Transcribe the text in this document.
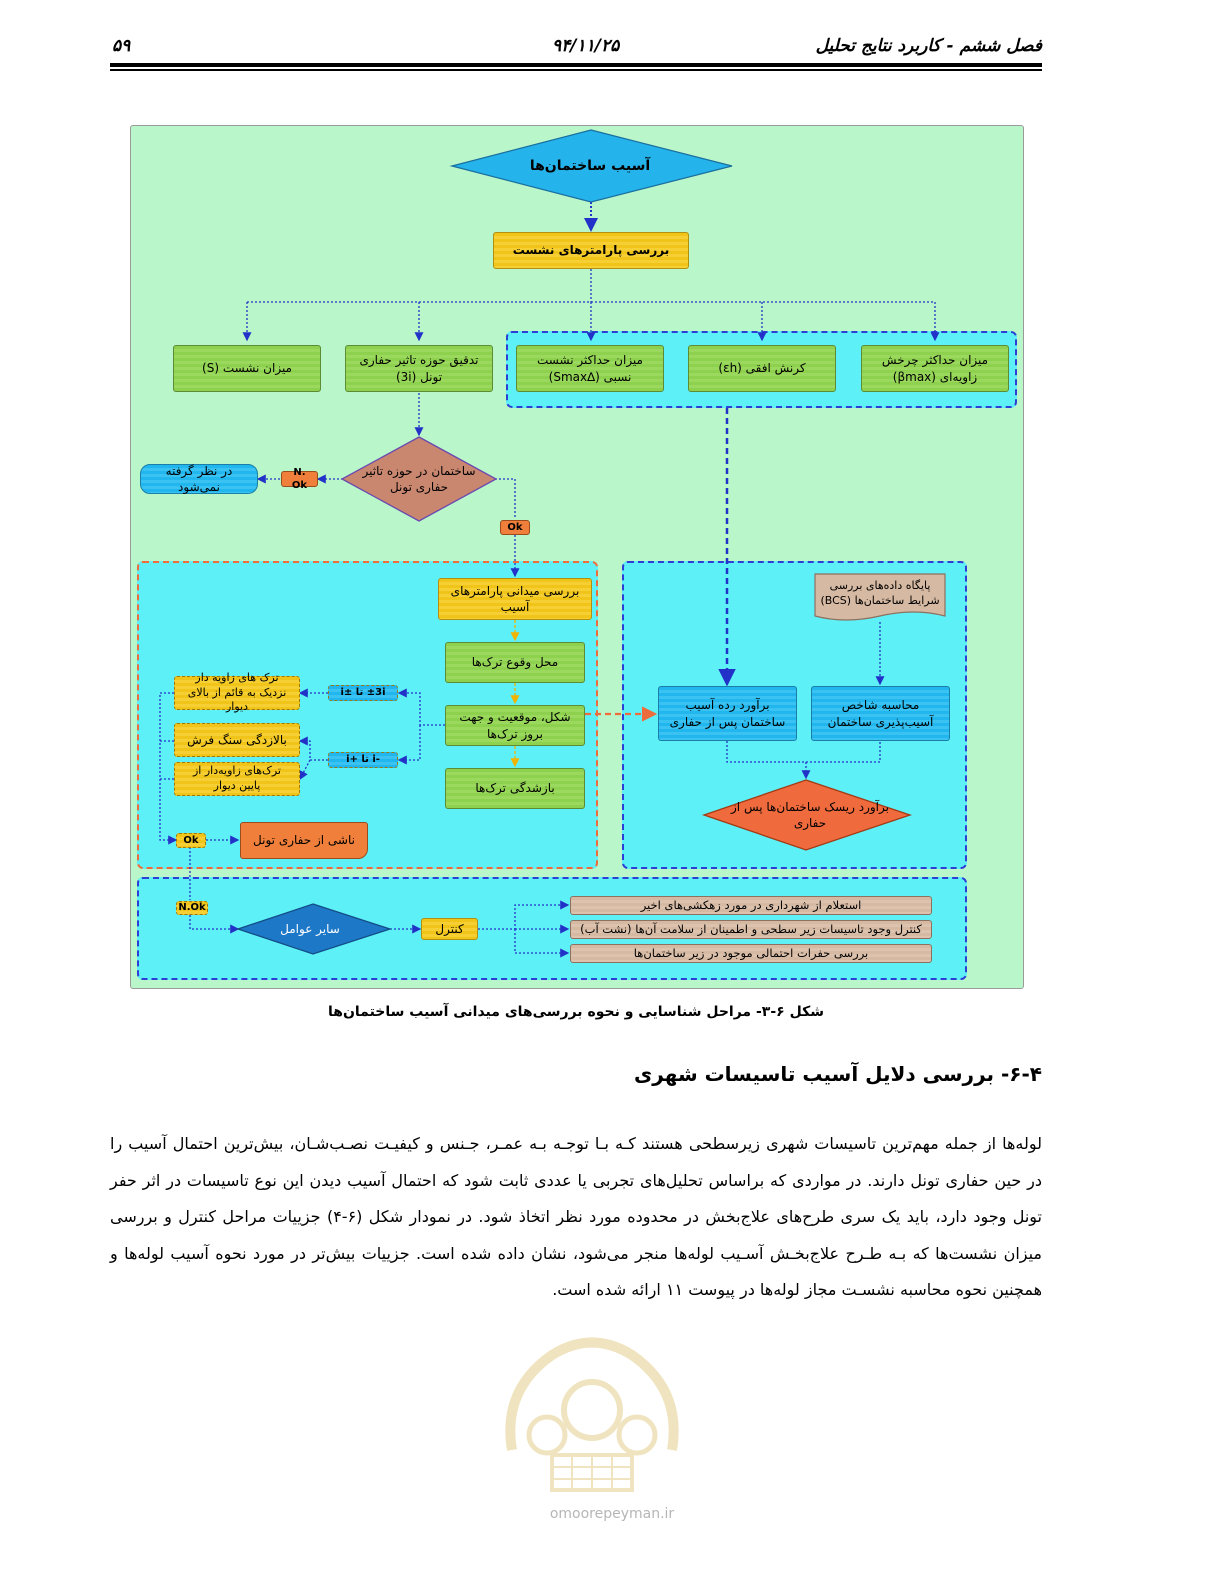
۵۹	۹۴/۱۱/۲۵	فصل ششم - کاربرد نتایج تحلیل
آسیب ساختمان‌ها
ساختمان در حوزه تاثیر حفاری تونل
برآورد ریسک ساختمان‌ها پس از حفاری
سایر عوامل
پایگاه داده‌های بررسی شرایط ساختمان‌ها (BCS)
بررسی پارامترهای نشست
میزان نشست (S)
تدقیق حوزه تاثیر حفاری تونل (3i)
میزان حداکثر نشست نسبی (∆Smax)
کرنش افقی (εh)
میزان حداکثر چرخش زاویه‌ای (βmax)
N. Ok
در نظر گرفته نمی‌شود
Ok
بررسی میدانی پارامترهای آسیب
محل وقوع ترک‌ها
شکل، موقعیت و جهت بروز ترک‌ها
بازشدگی ترک‌ها
±3i تا ±i
-i تا +i
ترک های زاویه دار نزدیک به قائم از بالای دیوار
بالازدگی سنگ فرش
ترک‌های زاویه‌دار از پایین دیوار
Ok	ناشی از حفاری تونل
برآورد رده آسیب ساختمان پس از حفاری
محاسبه شاخص آسیب‌پذیری ساختمان
N.Ok
کنترل
استعلام از شهرداری در مورد زهکشی‌های اخیر
کنترل وجود تاسیسات زیر سطحی و اطمینان از سلامت آن‌ها (نشت آب)
بررسی حفرات احتمالی موجود در زیر ساختمان‌ها
شکل ۶-۳- مراحل شناسایی و نحوه بررسی‌های میدانی آسیب ساختمان‌ها
۶-۴- بررسی دلایل آسیب تاسیسات شهری
لوله‌ها از جمله مهم‌ترین تاسیسات شهری زیرسطحی هستند کـه بـا توجـه بـه عمـر، جـنس و کیفیـت نصـب‌شـان، بیش‌ترین احتمال آسیب را در حین حفاری تونل دارند. در مواردی که براساس تحلیل‌های تجربی یا عددی ثابت شود که احتمال آسیب دیدن این نوع تاسیسات در اثر حفر تونل وجود دارد، باید یک سری طرح‌های علاج‌بخش در محدوده مورد نظر اتخاذ شود. در نمودار شکل (۶-۴) جزییات مراحل کنترل و بررسی میزان نشست‌ها که بـه طـرح علاج‌بخـش آسـیب لوله‌ها منجر می‌شود، نشان داده شده است. جزییات بیش‌تر در مورد نحوه آسیب لوله‌ها و همچنین نحوه محاسبه نشسـت مجاز لوله‌ها در پیوست ۱۱ ارائه شده است.
omoorepeyman.ir
